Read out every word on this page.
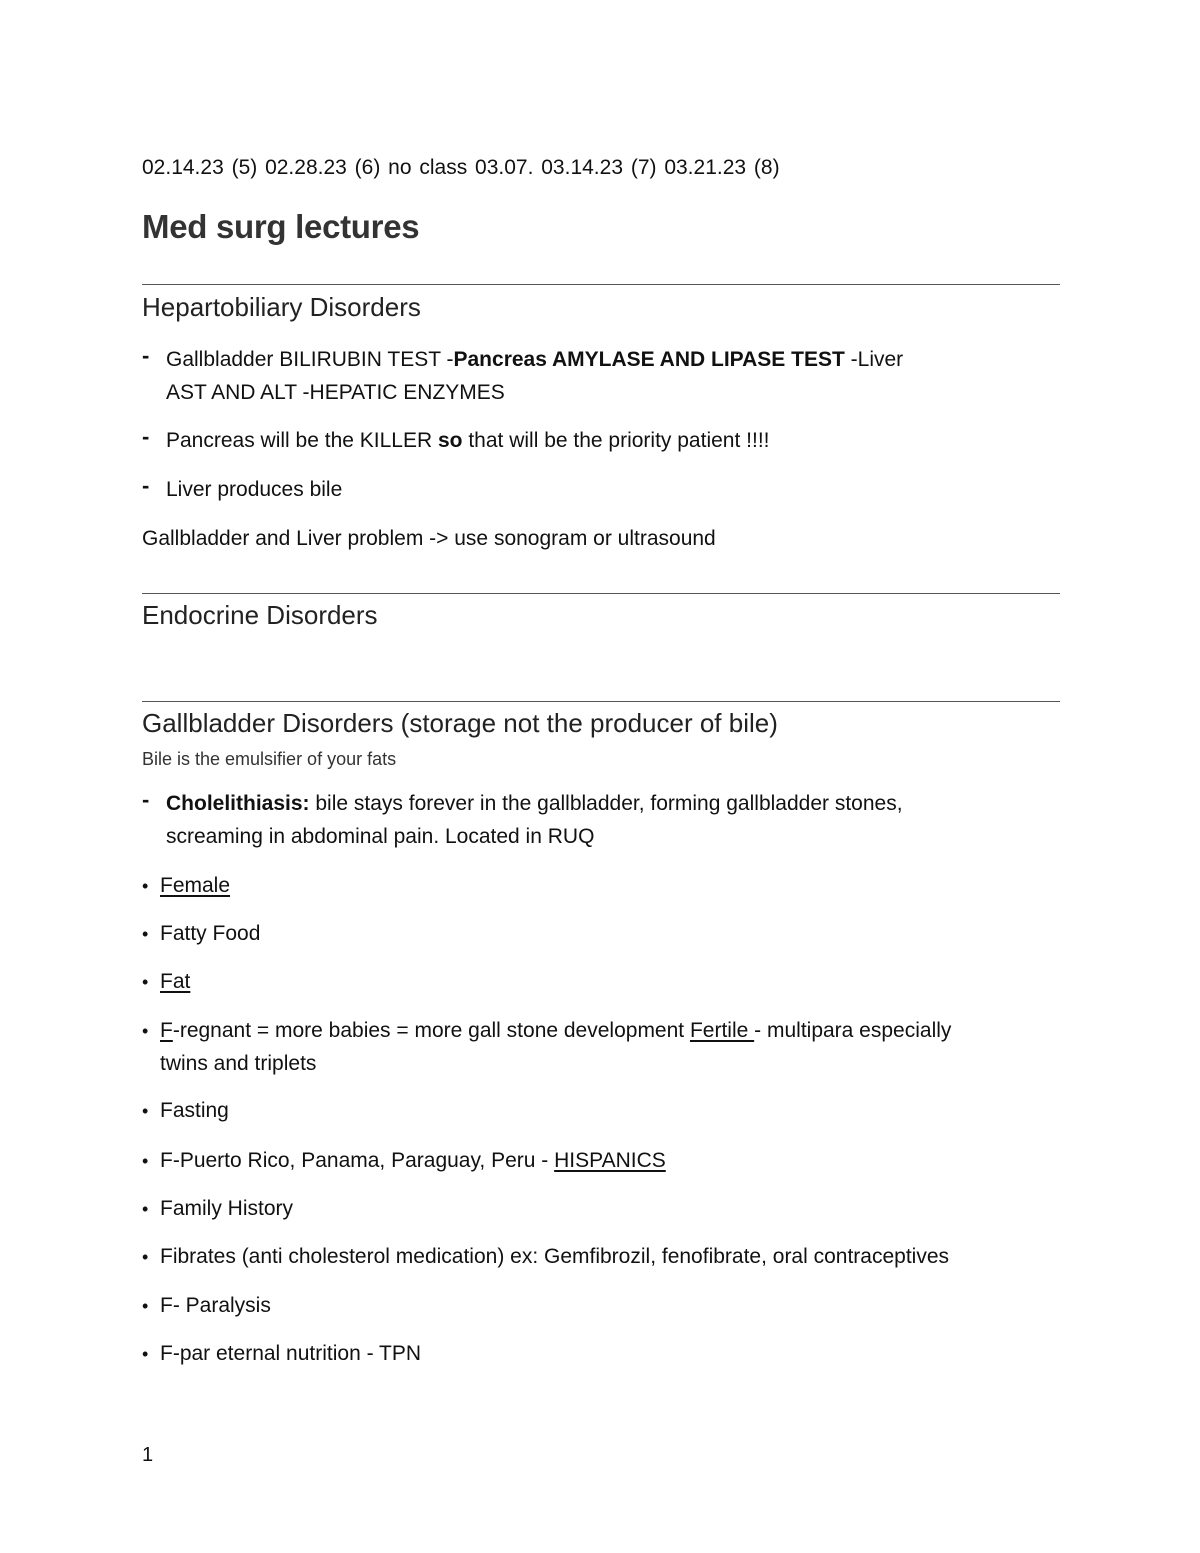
02.14.23 (5) 02.28.23 (6) no class 03.07. 03.14.23 (7) 03.21.23 (8)
Med surg lectures
Hepartobiliary Disorders
- Gallbladder BILIRUBIN TEST -Pancreas AMYLASE AND LIPASE TEST -Liver
AST AND ALT -HEPATIC ENZYMES
- Pancreas will be the KILLER so that will be the priority patient !!!!
- Liver produces bile
Gallbladder and Liver problem -> use sonogram or ultrasound
Endocrine Disorders
Gallbladder Disorders (storage not the producer of bile)
Bile is the emulsifier of your fats
- Cholelithiasis: bile stays forever in the gallbladder, forming gallbladder stones,
screaming in abdominal pain. Located in RUQ
• Female
• Fatty Food
• Fat
• F-regnant = more babies = more gall stone development Fertile - multipara especially
twins and triplets
• Fasting
• F-Puerto Rico, Panama, Paraguay, Peru - HISPANICS
• Family History
• Fibrates (anti cholesterol medication) ex: Gemfibrozil, fenofibrate, oral contraceptives
• F- Paralysis
• F-par eternal nutrition - TPN
1
